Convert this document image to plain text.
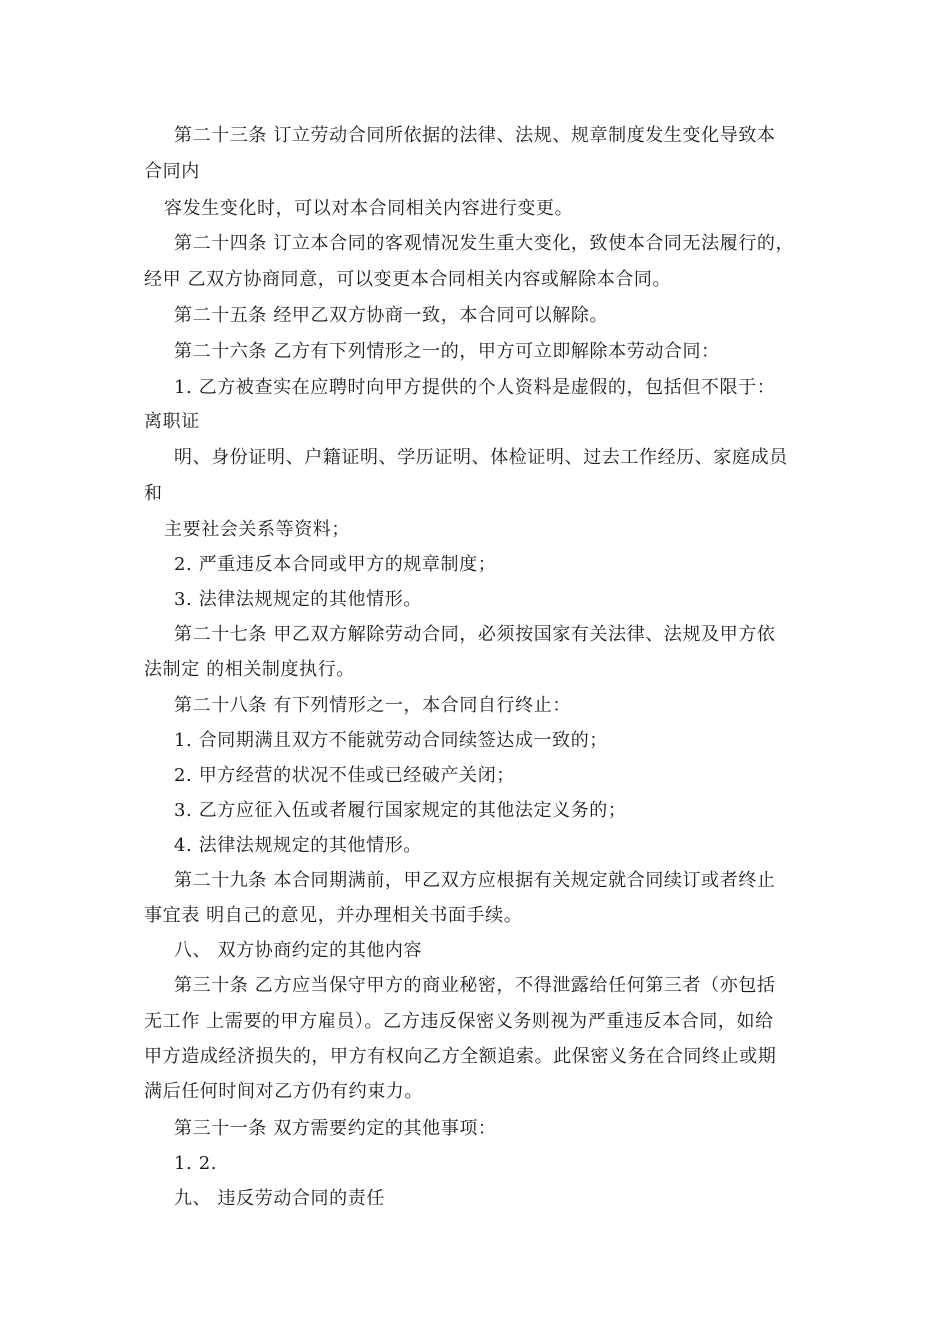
第二十三条 订立劳动合同所依据的法律、法规、规章制度发生变化导致本
合同内
容发生变化时，可以对本合同相关内容进行变更。
第二十四条 订立本合同的客观情况发生重大变化，致使本合同无法履行的，
经甲 乙双方协商同意，可以变更本合同相关内容或解除本合同。
第二十五条 经甲乙双方协商一致，本合同可以解除。
第二十六条 乙方有下列情形之一的，甲方可立即解除本劳动合同：
1. 乙方被查实在应聘时向甲方提供的个人资料是虚假的，包括但不限于：
离职证
明、身份证明、户籍证明、学历证明、体检证明、过去工作经历、家庭成员
和
主要社会关系等资料；
2. 严重违反本合同或甲方的规章制度；
3. 法律法规规定的其他情形。
第二十七条 甲乙双方解除劳动合同，必须按国家有关法律、法规及甲方依
法制定 的相关制度执行。
第二十八条 有下列情形之一，本合同自行终止：
1. 合同期满且双方不能就劳动合同续签达成一致的；
2. 甲方经营的状况不佳或已经破产关闭；
3. 乙方应征入伍或者履行国家规定的其他法定义务的；
4. 法律法规规定的其他情形。
第二十九条 本合同期满前，甲乙双方应根据有关规定就合同续订或者终止
事宜表 明自己的意见，并办理相关书面手续。
八、 双方协商约定的其他内容
第三十条 乙方应当保守甲方的商业秘密，不得泄露给任何第三者（亦包括
无工作 上需要的甲方雇员）。乙方违反保密义务则视为严重违反本合同，如给
甲方造成经济损失的，甲方有权向乙方全额追索。此保密义务在合同终止或期
满后任何时间对乙方仍有约束力。
第三十一条 双方需要约定的其他事项：
1. 2.
九、 违反劳动合同的责任
